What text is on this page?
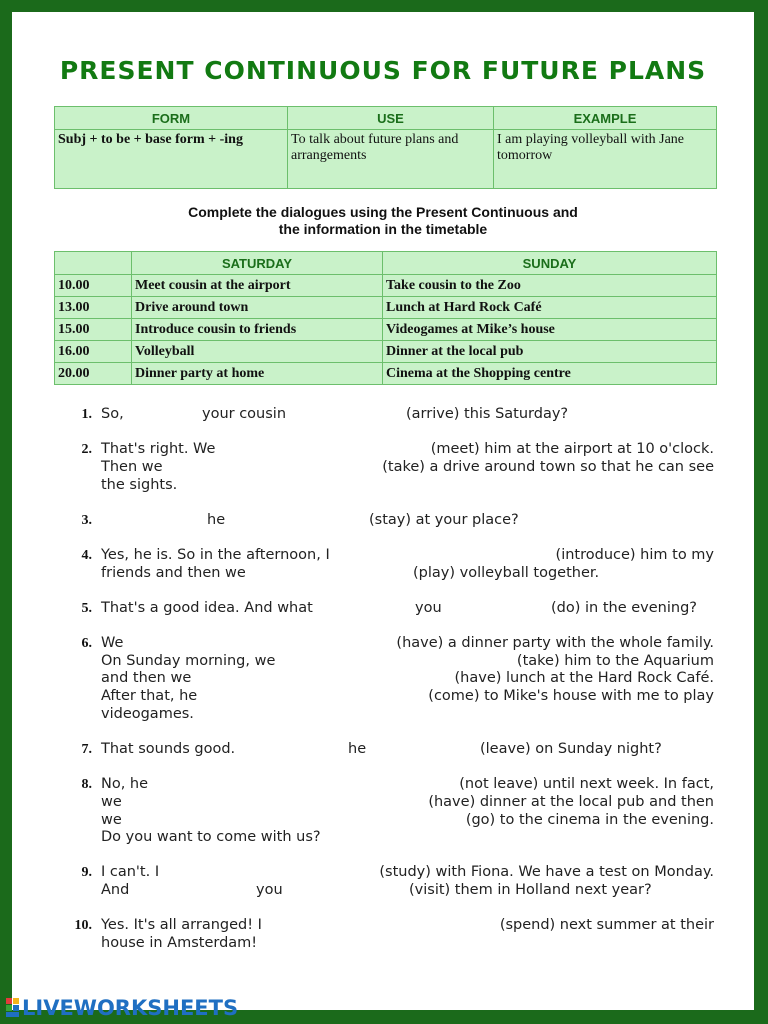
PRESENT CONTINUOUS FOR FUTURE PLANS
FORM	USE	EXAMPLE
Subj + to be + base form + -ing	To talk about future plans and arrangements	I am playing volleyball with Jane tomorrow
Complete the dialogues using the Present Continuous and
the information in the timetable
	SATURDAY	SUNDAY
10.00	Meet cousin at the airport	Take cousin to the Zoo
13.00	Drive around town	Lunch at Hard Rock Café
15.00	Introduce cousin to friends	Videogames at Mike’s house
16.00	Volleyball	Dinner at the local pub
20.00	Dinner party at home	Cinema at the Shopping centre
1. So,	your cousin	(arrive) this Saturday?
2. That's right. We	(meet) him at the airport at 10 o'clock.
Then we	(take) a drive around town so that he can see
the sights.
3.	he	(stay) at your place?
4. Yes, he is. So in the afternoon, I	(introduce) him to my
friends and then we	(play) volleyball together.
5. That's a good idea. And what	you	(do) in the evening?
6. We	(have) a dinner party with the whole family.
On Sunday morning, we	(take) him to the Aquarium
and then we	(have) lunch at the Hard Rock Café.
After that, he	(come) to Mike's house with me to play
videogames.
7. That sounds good.	he	(leave) on Sunday night?
8. No, he	(not leave) until next week. In fact,
we	(have) dinner at the local pub and then
we	(go) to the cinema in the evening.
Do you want to come with us?
9. I can't. I	(study) with Fiona. We have a test on Monday.
And	you	(visit) them in Holland next year?
10. Yes. It's all arranged! I	(spend) next summer at their
house in Amsterdam!
LIVEWORKSHEETS
